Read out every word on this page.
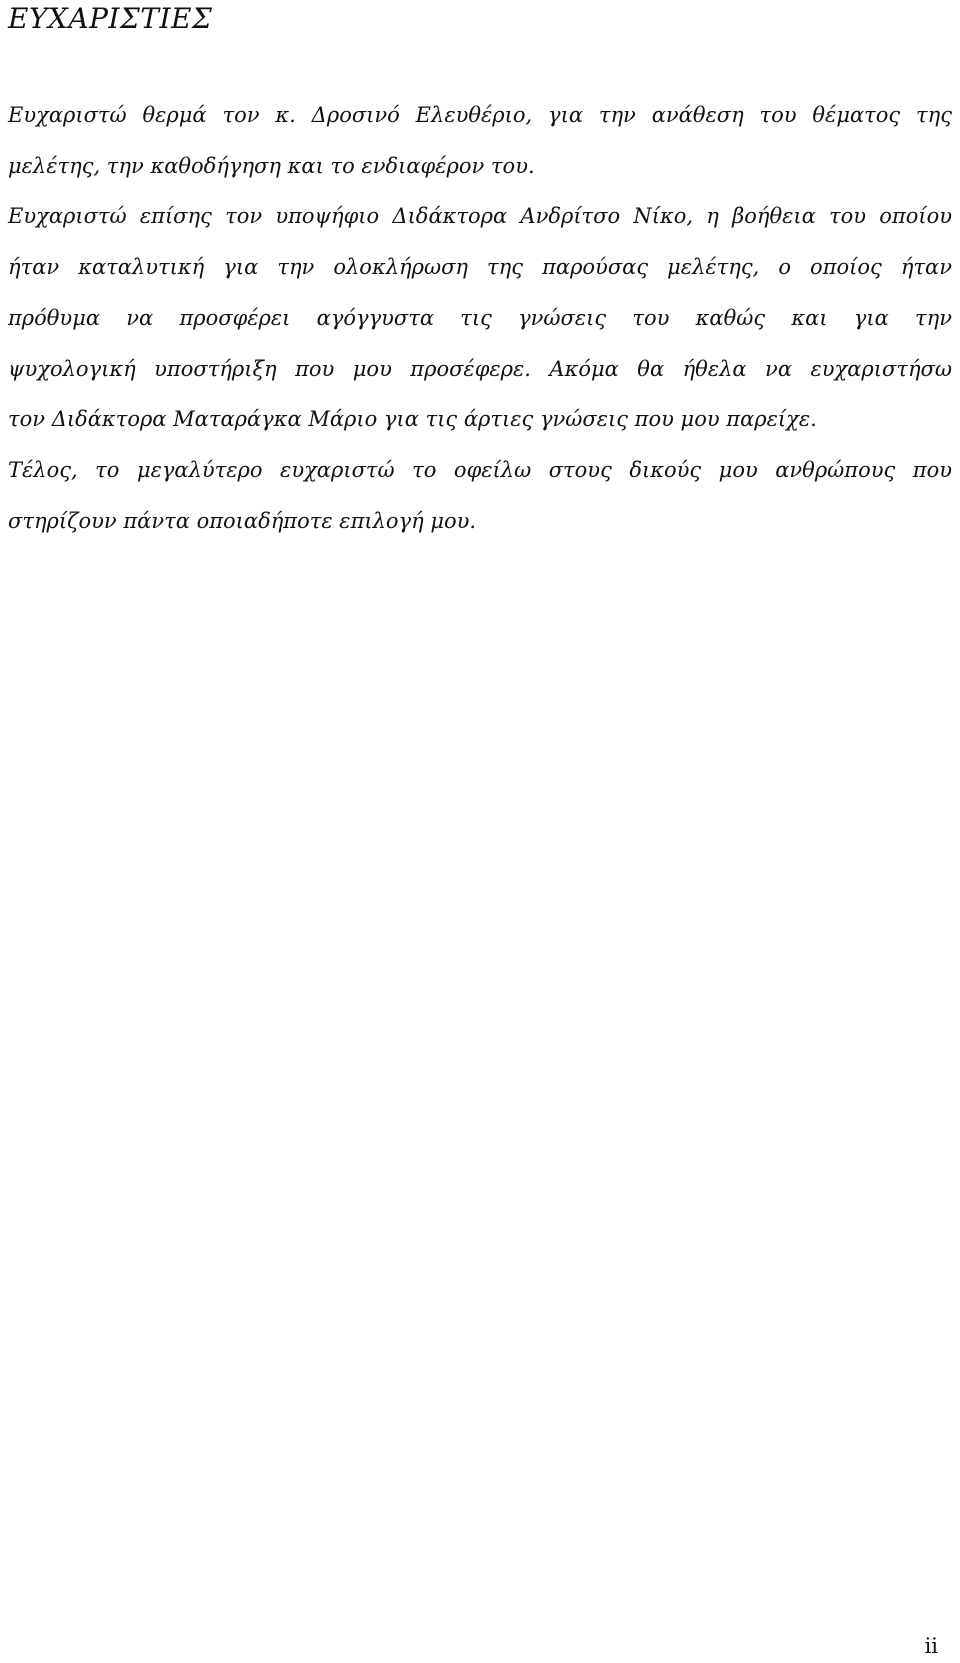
ΕΥΧΑΡΙΣΤΙΕΣ

Ευχαριστώ θερμά τον κ. Δροσινό Ελευθέριο, για την ανάθεση του θέματος της

μελέτης, την καθοδήγηση και το ενδιαφέρον του.

Ευχαριστώ επίσης τον υποψήφιο Διδάκτορα Ανδρίτσο Νίκο, η βοήθεια του οποίου

ήταν καταλυτική για την ολοκλήρωση της παρούσας μελέτης, ο οποίος ήταν

πρόθυμα να προσφέρει αγόγγυστα τις γνώσεις του καθώς και για την

ψυχολογική υποστήριξη που μου προσέφερε. Ακόμα θα ήθελα να ευχαριστήσω

τον Διδάκτορα Ματαράγκα Μάριο για τις άρτιες γνώσεις που μου παρείχε.

Τέλος, το μεγαλύτερο ευχαριστώ το οφείλω στους δικούς μου ανθρώπους που

στηρίζουν πάντα οποιαδήποτε επιλογή μου.

ii
